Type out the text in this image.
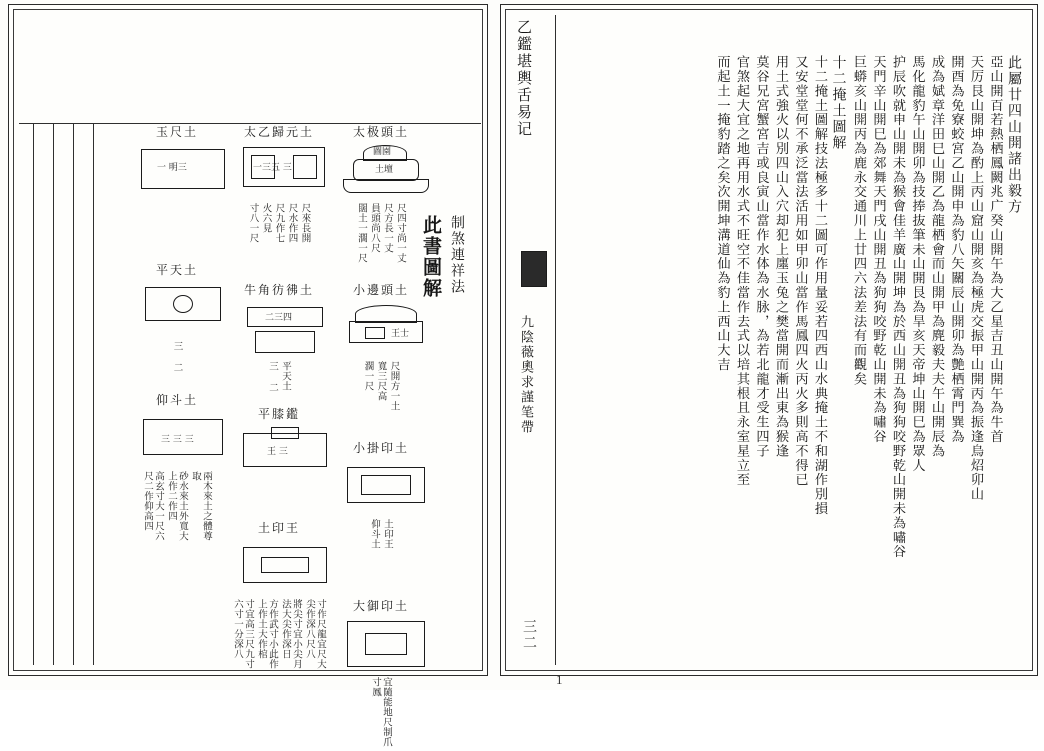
太极頭土
圖園
土壇
尺四寸尚一丈
尺方長一丈
員頭尚八尺
闊土一濶一尺
小邊頭土
王士
尺開方一土
寬三尺高
濶一尺
小掛印土
土印王
仰斗土
大御印土
宜隨能地尺制爪寸鳳
太乙歸元土
一三五 三
尺來長開
尺水作四
尺九作七
火六見
寸八一尺
牛角彷彿土
二三四
平天土
三 二
平膝鑑
王 三
土印王
寸作尺龍宜尺大尖作深八尺八
將尖寸宜小尖月法大尖作深日
方作武寸小此作上作土大作棺
寸宜高三尺九寸六寸一分深八
玉尺土
一 明三
平天土
三 二
仰斗土
三 三 三
兩木來土之體尊取
砂水來土外寬大上作二作四
高玄寸大一尺六尺二作仰高四
制煞連祥法
此書圖解
乙鑑堪輿舌易记
九陰薇奧求謹笔帶
三二
此屬廿四山開諸出毅方
亞山開百若熱栖鳳闕兆广癸山開午為大乙星吉丑山開午為牛首
天厉艮山開坤為酌上丙山窟山開亥為極虎交振甲山開丙為振逢烏炤卯山
開酉為免寮蛟宮乙山開申為豹八矢關辰山開卯為艶栖霄門巽為
成為娬章洋田巳山開乙為龍栖會而山開甲為麂毅夫夫午山開辰為
馬化龍豹午山開卯為技捧抜筆未山開艮為旱亥天帝坤山開巳為眾人
护辰吹就申山開未為猴會佳羊廣山開坤為於西山開丑為狗狗咬野乾山開未為嘯谷
天門辛山開巳為郊舞天門戌山開丑為狗狗咬野乾山開未為嘯谷
巨蟒亥山開丙為鹿永交通川上廿四六法差法有而觀矣
十二掩土圖解
十二掩土圖解技法極多十二圖可作用量妥若四西山水典掩土不和湖作別損
又安堂堂何不承泛當法活用如甲卯山當作馬鳳四火丙火多則高不得已
用土式強火以別四山入穴却犯上廛玉兔之樊當開而漸出東為猴逢
莫谷兄宮蟹宮吉或良寅山當作水体為水脉，為若北龍才受生四子
官煞起大宜之地再用水式不旺空不佳當作去式以培其根且永室星立至
而起土一掩豹踏之矣次開坤溝道仙為豹上西山大吉
1
